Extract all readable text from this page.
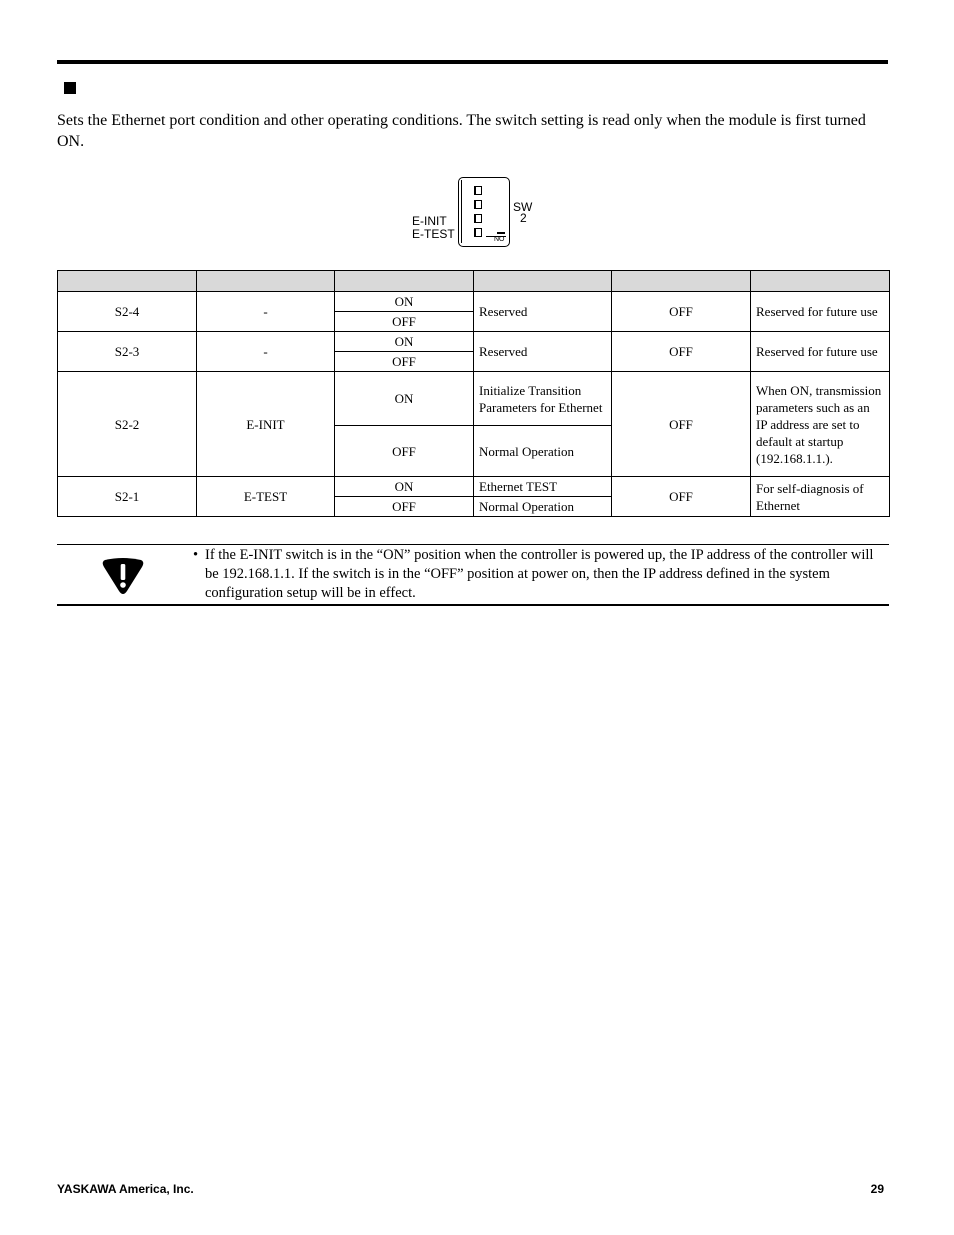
Sets the Ethernet port condition and other operating conditions. The switch setting is read only when the module is first turned ON.
NO
E-INIT
E-TEST
SW
2

S2-4	-	ON	Reserved	OFF	Reserved for future use
		OFF			
S2-3	-	ON	Reserved	OFF	Reserved for future use
		OFF			
S2-2	E-INIT	ON	Initialize Transition Parameters for Ethernet	OFF	When ON, transmission parameters such as an IP address are set to default at startup (192.168.1.1.).
		OFF	Normal Operation		
S2-1	E-TEST	ON	Ethernet TEST	OFF	For self-diagnosis of Ethernet
		OFF	Normal Operation		
• If the E-INIT switch is in the “ON” position when the controller is powered up, the IP address of the controller will be 192.168.1.1. If the switch is in the “OFF” position at power on, then the IP address defined in the system configuration setup will be in effect.
YASKAWA America, Inc.	29
